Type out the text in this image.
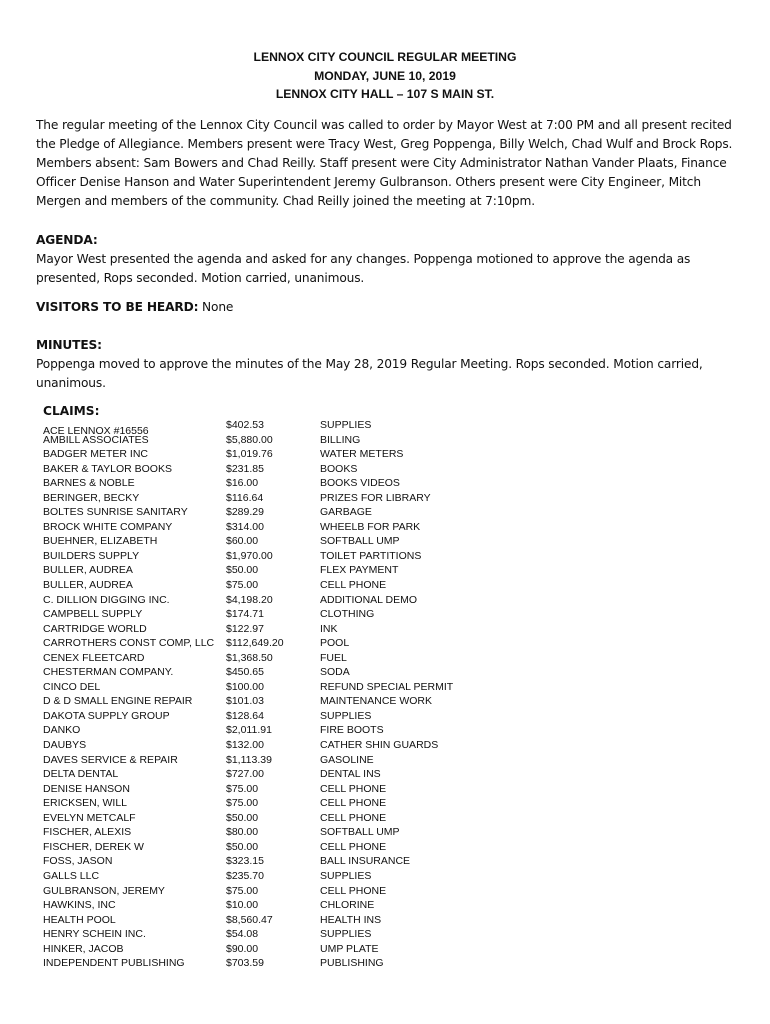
LENNOX CITY COUNCIL REGULAR MEETING
MONDAY, JUNE 10, 2019
LENNOX CITY HALL – 107 S MAIN ST.
The regular meeting of the Lennox City Council was called to order by Mayor West at 7:00 PM and all present recited the Pledge of Allegiance. Members present were Tracy West, Greg Poppenga, Billy Welch, Chad Wulf and Brock Rops. Members absent: Sam Bowers and Chad Reilly. Staff present were City Administrator Nathan Vander Plaats, Finance Officer Denise Hanson and Water Superintendent Jeremy Gulbranson. Others present were City Engineer, Mitch Mergen and members of the community. Chad Reilly joined the meeting at 7:10pm.
AGENDA:
Mayor West presented the agenda and asked for any changes. Poppenga motioned to approve the agenda as presented, Rops seconded. Motion carried, unanimous.
VISITORS TO BE HEARD: None
MINUTES:
Poppenga moved to approve the minutes of the May 28, 2019 Regular Meeting. Rops seconded. Motion carried, unanimous.
CLAIMS:
ACE LENNOX #16556	$402.53	SUPPLIES
AMBILL ASSOCIATES	$5,880.00	BILLING
BADGER METER INC	$1,019.76	WATER METERS
BAKER & TAYLOR BOOKS	$231.85	BOOKS
BARNES & NOBLE	$16.00	BOOKS VIDEOS
BERINGER, BECKY	$116.64	PRIZES FOR LIBRARY
BOLTES SUNRISE SANITARY	$289.29	GARBAGE
BROCK WHITE COMPANY	$314.00	WHEELB FOR PARK
BUEHNER, ELIZABETH	$60.00	SOFTBALL UMP
BUILDERS SUPPLY	$1,970.00	TOILET PARTITIONS
BULLER, AUDREA	$50.00	FLEX PAYMENT
BULLER, AUDREA	$75.00	CELL PHONE
C. DILLION DIGGING INC.	$4,198.20	ADDITIONAL DEMO
CAMPBELL SUPPLY	$174.71	CLOTHING
CARTRIDGE WORLD	$122.97	INK
CARROTHERS CONST COMP, LLC $112,649.20	POOL
CENEX FLEETCARD	$1,368.50	FUEL
CHESTERMAN COMPANY.	$450.65	SODA
CINCO DEL	$100.00	REFUND SPECIAL PERMIT
D & D SMALL ENGINE REPAIR	$101.03	MAINTENANCE WORK
DAKOTA SUPPLY GROUP	$128.64	SUPPLIES
DANKO	$2,011.91	FIRE BOOTS
DAUBYS	$132.00	CATHER SHIN GUARDS
DAVES SERVICE & REPAIR	$1,113.39	GASOLINE
DELTA DENTAL	$727.00	DENTAL INS
DENISE HANSON	$75.00	CELL PHONE
ERICKSEN, WILL	$75.00	CELL PHONE
EVELYN METCALF	$50.00	CELL PHONE
FISCHER, ALEXIS	$80.00	SOFTBALL UMP
FISCHER, DEREK W	$50.00	CELL PHONE
FOSS, JASON	$323.15	BALL INSURANCE
GALLS LLC	$235.70	SUPPLIES
GULBRANSON, JEREMY	$75.00	CELL PHONE
HAWKINS, INC	$10.00	CHLORINE
HEALTH POOL	$8,560.47	HEALTH INS
HENRY SCHEIN INC.	$54.08	SUPPLIES
HINKER, JACOB	$90.00	UMP PLATE
INDEPENDENT PUBLISHING	$703.59	PUBLISHING
